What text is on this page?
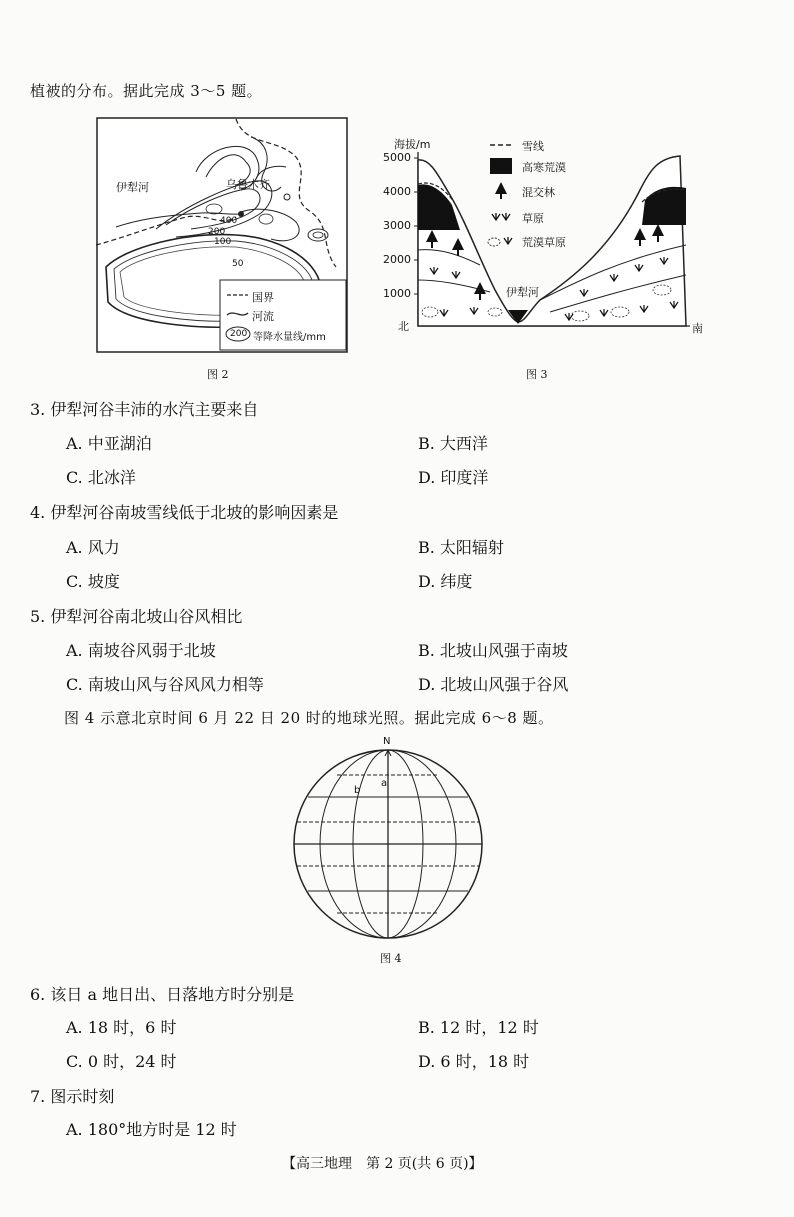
植被的分布。据此完成 3～5 题。
伊犁河	乌鲁木齐
400
200
100
50
国界
河流
200 等降水量线/mm
图 2
海拔/m
5000
4000
3000
2000
1000
北	南
伊犁河
雪线
高寒荒漠
混交林
草原
荒漠草原
图 3
3. 伊犁河谷丰沛的水汽主要来自
A. 中亚湖泊	B. 大西洋
C. 北冰洋	D. 印度洋
4. 伊犁河谷南坡雪线低于北坡的影响因素是
A. 风力	B. 太阳辐射
C. 坡度	D. 纬度
5. 伊犁河谷南北坡山谷风相比
A. 南坡谷风弱于北坡	B. 北坡山风强于南坡
C. 南坡山风与谷风风力相等	D. 北坡山风强于谷风
图 4 示意北京时间 6 月 22 日 20 时的地球光照。据此完成 6～8 题。
N
a
b
图 4
6. 该日 a 地日出、日落地方时分别是
A. 18 时，6 时	B. 12 时，12 时
C. 0 时，24 时	D. 6 时，18 时
7. 图示时刻
A. 180°地方时是 12 时
【高三地理　第 2 页(共 6 页)】
